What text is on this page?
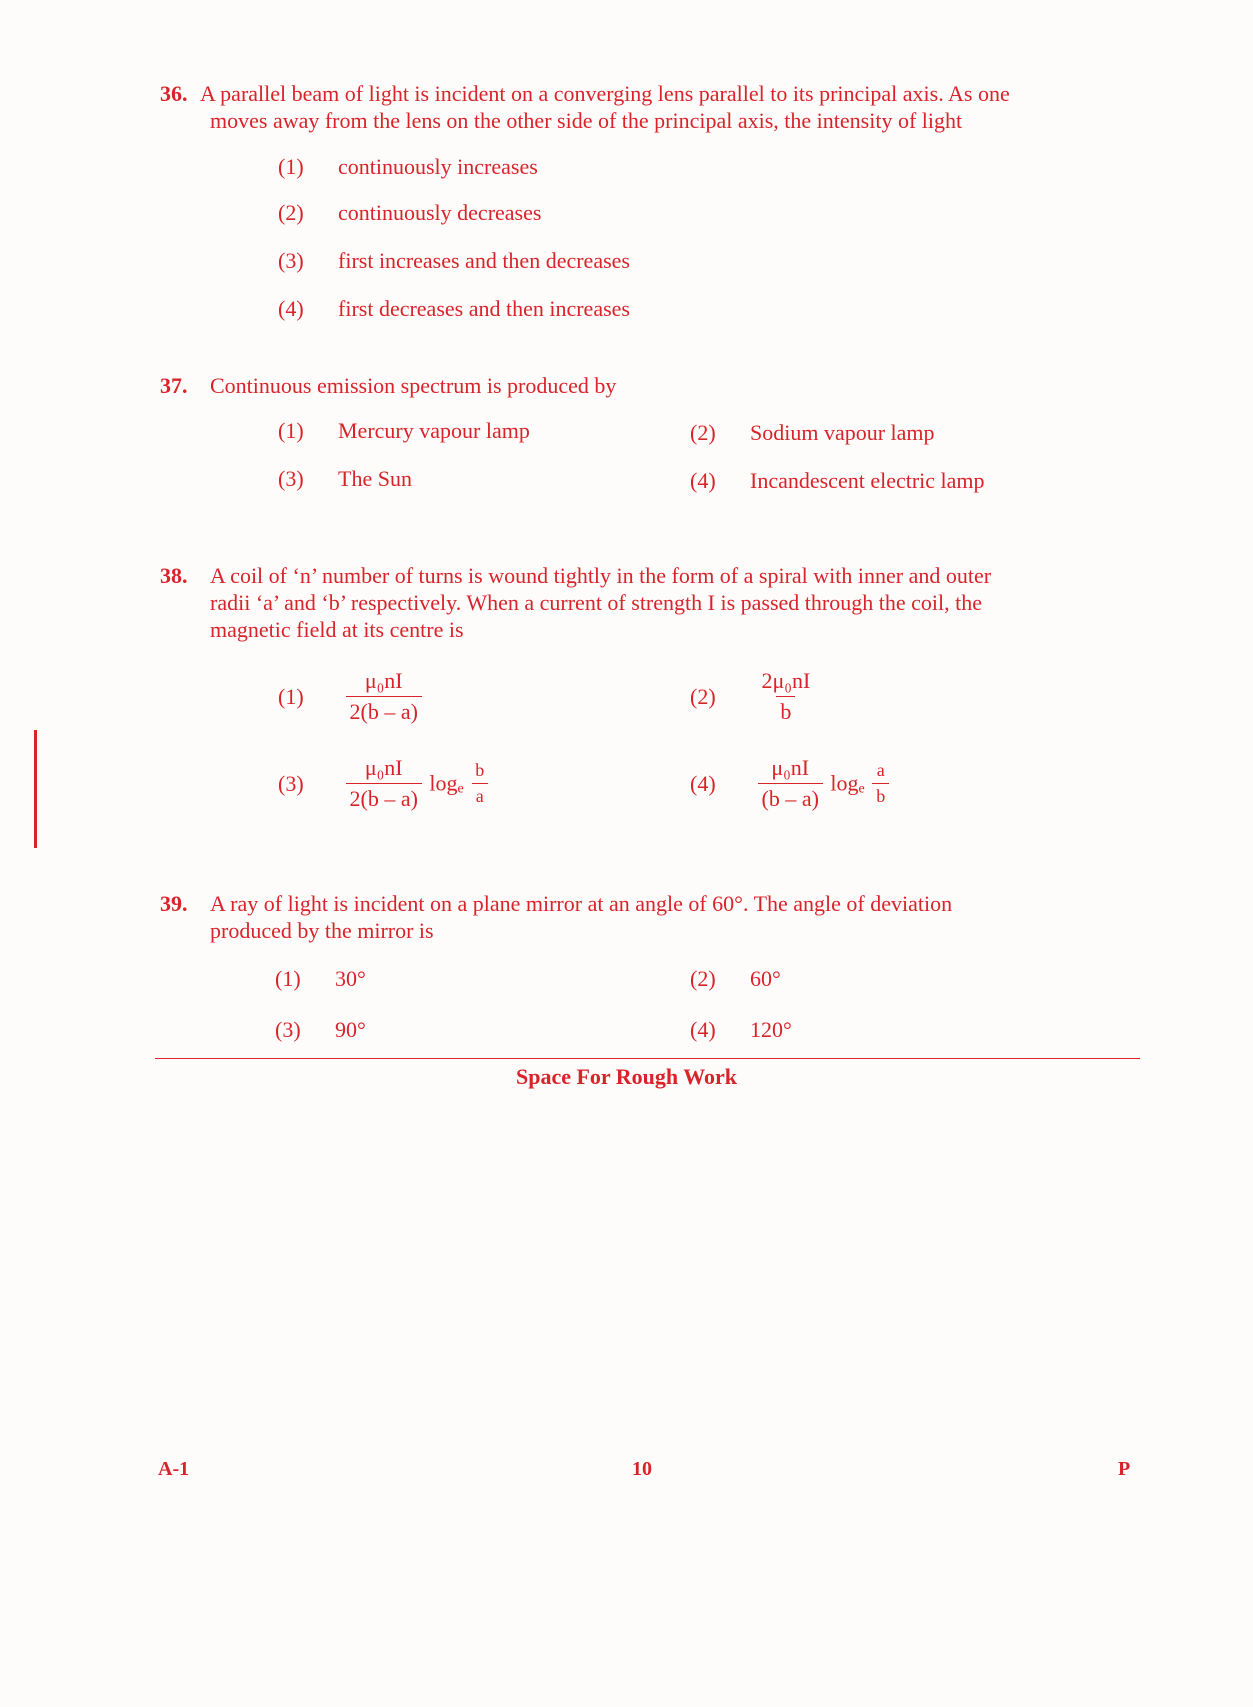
36. A parallel beam of light is incident on a converging lens parallel to its principal axis. As one
moves away from the lens on the other side of the principal axis, the intensity of light
(1) continuously increases
(2) continuously decreases
(3) first increases and then decreases
(4) first decreases and then increases
37. Continuous emission spectrum is produced by
(1) Mercury vapour lamp	(2) Sodium vapour lamp
(3) The Sun	(4) Incandescent electric lamp
38. A coil of ‘n’ number of turns is wound tightly in the form of a spiral with inner and outer
radii ‘a’ and ‘b’ respectively. When a current of strength I is passed through the coil, the
magnetic field at its centre is
$(1) \frac{\text{μ₀nI}}{2(b - a)}$	$(2) \frac{\text{2μ₀nI}}{b}$
$(3) \frac{\text{μ₀nI}}{2(b - a)} \log_e \frac{b}{a}$	$(4) \frac{\text{μ₀nI}}{(b - a)} \log_e \frac{a}{b}$
39. A ray of light is incident on a plane mirror at an angle of 60°. The angle of deviation
produced by the mirror is
(1) 30°	(2) 60°
(3) 90°	(4) 120°
Space For Rough Work
A-1	10	P
